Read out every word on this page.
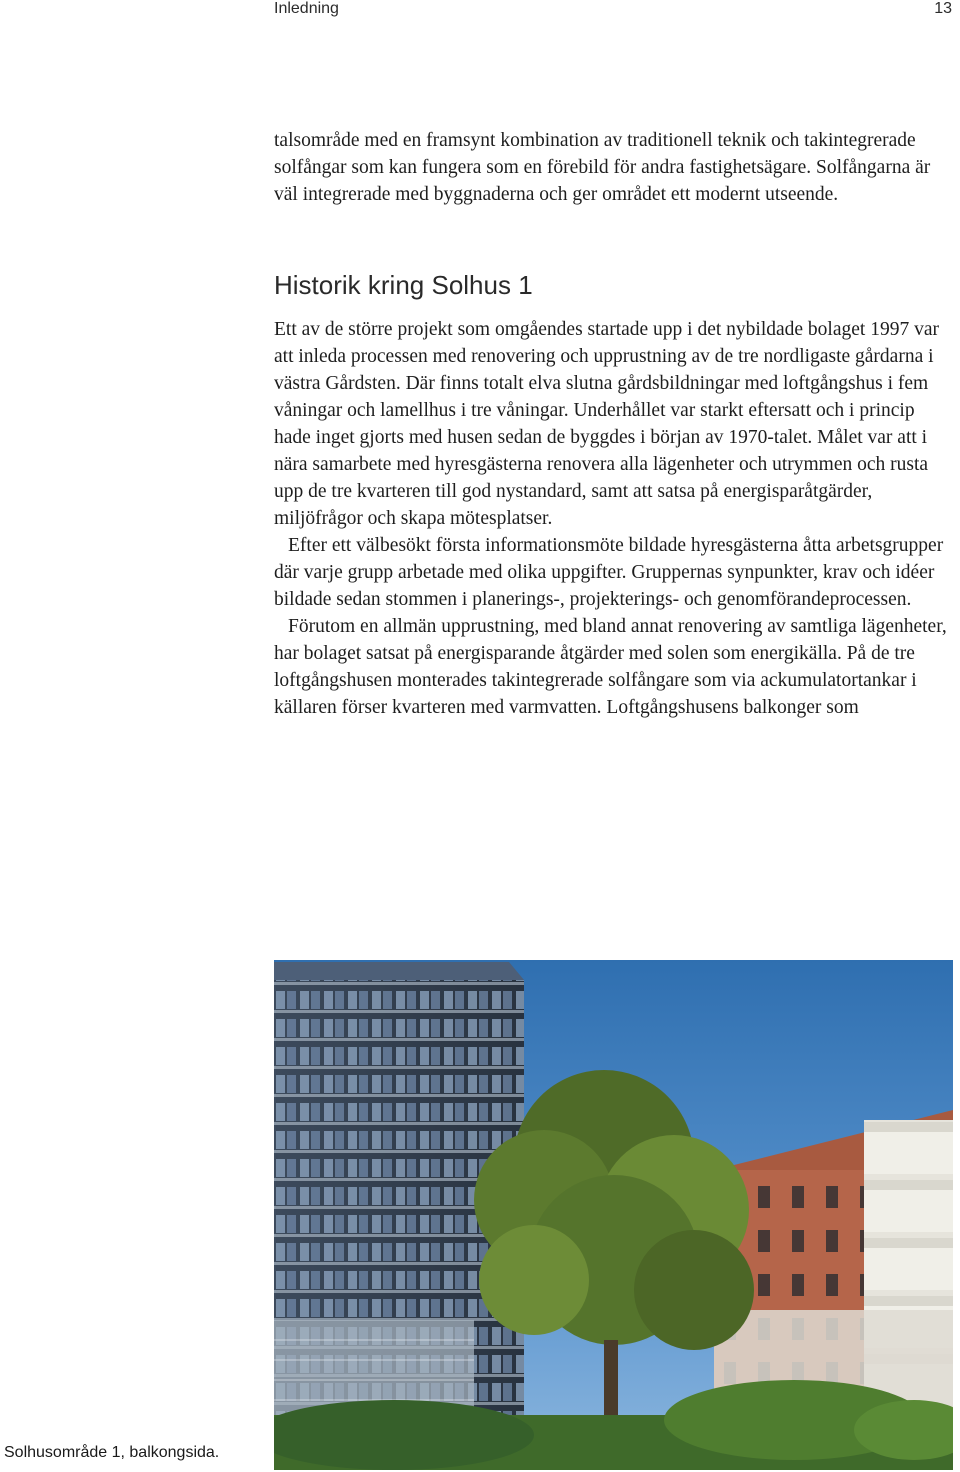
Inledning	13

talsområde med en framsynt kombination av traditionell teknik och takintegrerade solfångar som kan fungera som en förebild för andra fastighetsägare. Solfångarna är väl integrerade med byggnaderna och ger området ett modernt utseende.

Historik kring Solhus 1

Ett av de större projekt som omgåendes startade upp i det nybildade bolaget 1997 var att inleda processen med renovering och upprustning av de tre nordligaste gårdarna i västra Gårdsten. Där finns totalt elva slutna gårdsbildningar med loftgångshus i fem våningar och lamellhus i tre våningar. Underhållet var starkt eftersatt och i princip hade inget gjorts med husen sedan de byggdes i början av 1970-talet. Målet var att i nära samarbete med hyresgästerna renovera alla lägenheter och utrymmen och rusta upp de tre kvarteren till god nystandard, samt att satsa på energisparåtgärder, miljöfrågor och skapa mötesplatser.

Efter ett välbesökt första informationsmöte bildade hyresgästerna åtta arbetsgrupper där varje grupp arbetade med olika uppgifter. Gruppernas synpunkter, krav och idéer bildade sedan stommen i planerings-, projekterings- och genomförandeprocessen.

Förutom en allmän upprustning, med bland annat renovering av samtliga lägenheter, har bolaget satsat på energisparande åtgärder med solen som energikälla. På de tre loftgångshusen monterades takintegrerade solfångare som via ackumulatortankar i källaren förser kvarteren med varmvatten. Loftgångshusens balkonger som

Solhusområde 1, balkongsida.
